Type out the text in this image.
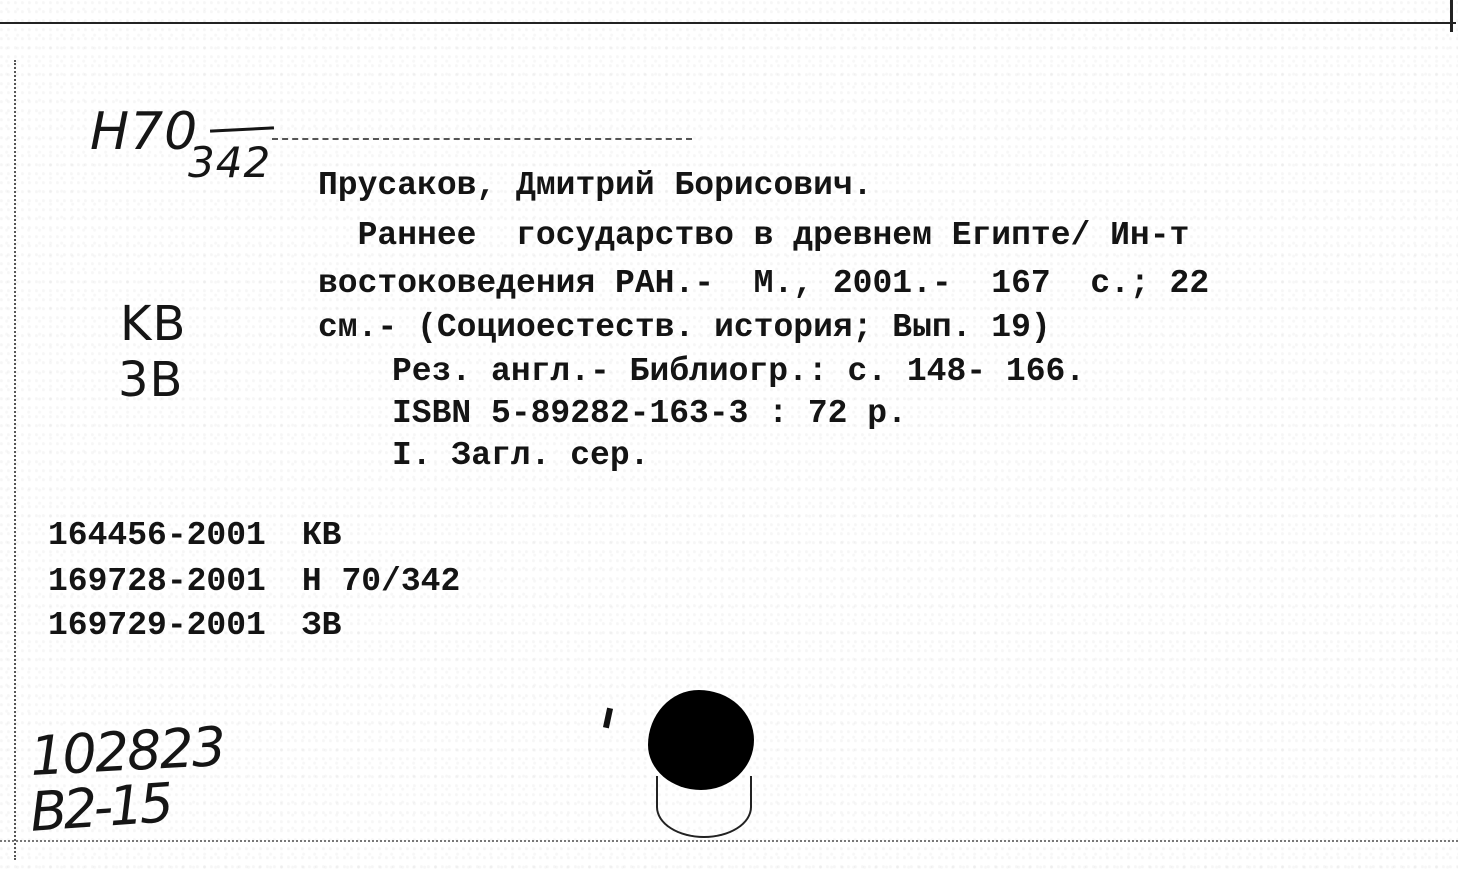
H70
342
KB
3B
Пруcаков, Дмитрий Борисович.
Раннее  государство в древнем Египте/ Ин-т
востоковедения РАН.-  М., 2001.-  167  с.; 22
см.- (Социоестеств. история; Вып. 19)
Рез. англ.- Библиогр.: с. 148- 166.
ISBN 5-89282-163-3 : 72 р.
I. Загл. сер.
164456-2001 КВ
169728-2001 Н 70/342
169729-2001 ЗВ
102823
B2-15
